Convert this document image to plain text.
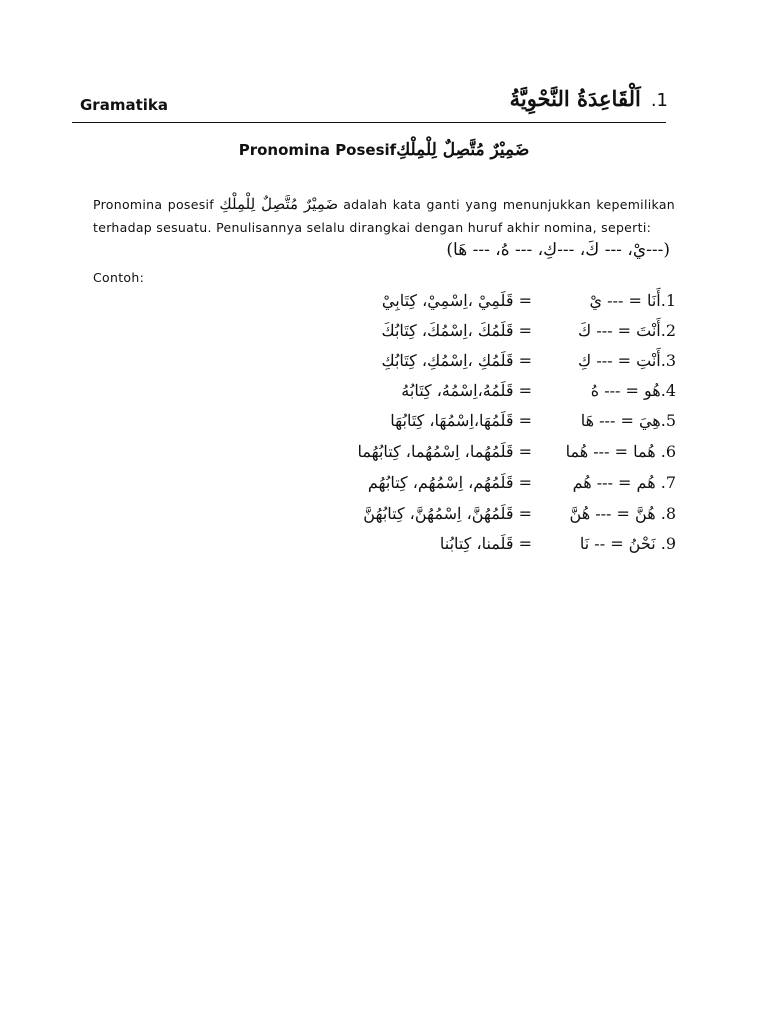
Gramatika	1.اَلْقَاعِدَةُ النَّحْوِيَّةُ
Pronomina Posesifضَمِيْرٌ مُتَّصِلٌ لِلْمِلْكِ
Pronomina posesif ضَمِيْرٌ مُتَّصِلٌ لِلْمِلْكِ adalah kata ganti yang menunjukkan kepemilikan terhadap sesuatu. Penulisannya selalu dirangkai dengan huruf akhir nomina, seperti:
(---يْ، --- كَ، ---كِ، --- هُ، --- هَا)
Contoh:
1.أَنَا = --- يْ
= قَلَمِيْ ،اِسْمِيْ، كِتَابِيْ
2.أَنْتَ = --- كَ
= قَلَمُكَ ،اِسْمُكَ، كِتَابُكَ
3.أَنْتِ = --- كِ
= قَلَمُكِ ،اِسْمُكِ، كِتَابُكِ
4.هُو = --- هُ
= قَلَمُهُ،اِسْمُهُ، كِتَابُهُ
5.هِيَ = --- هَا
= قَلَمُهَا،اِسْمُهَا، كِتَابُهَا
6. هُما = --- هُما
= قَلَمُهُما، اِسْمُهُما، كِتابُهُما
7. هُم = --- هُم
= قَلَمُهُم، اِسْمُهُم، كِتابُهُم
8. هُنَّ = --- هُنَّ
= قَلَمُهُنَّ، اِسْمُهُنَّ، كِتابُهُنَّ
9. نَحْنُ = -- نَا
= قَلَمنا، كِتابُنا
